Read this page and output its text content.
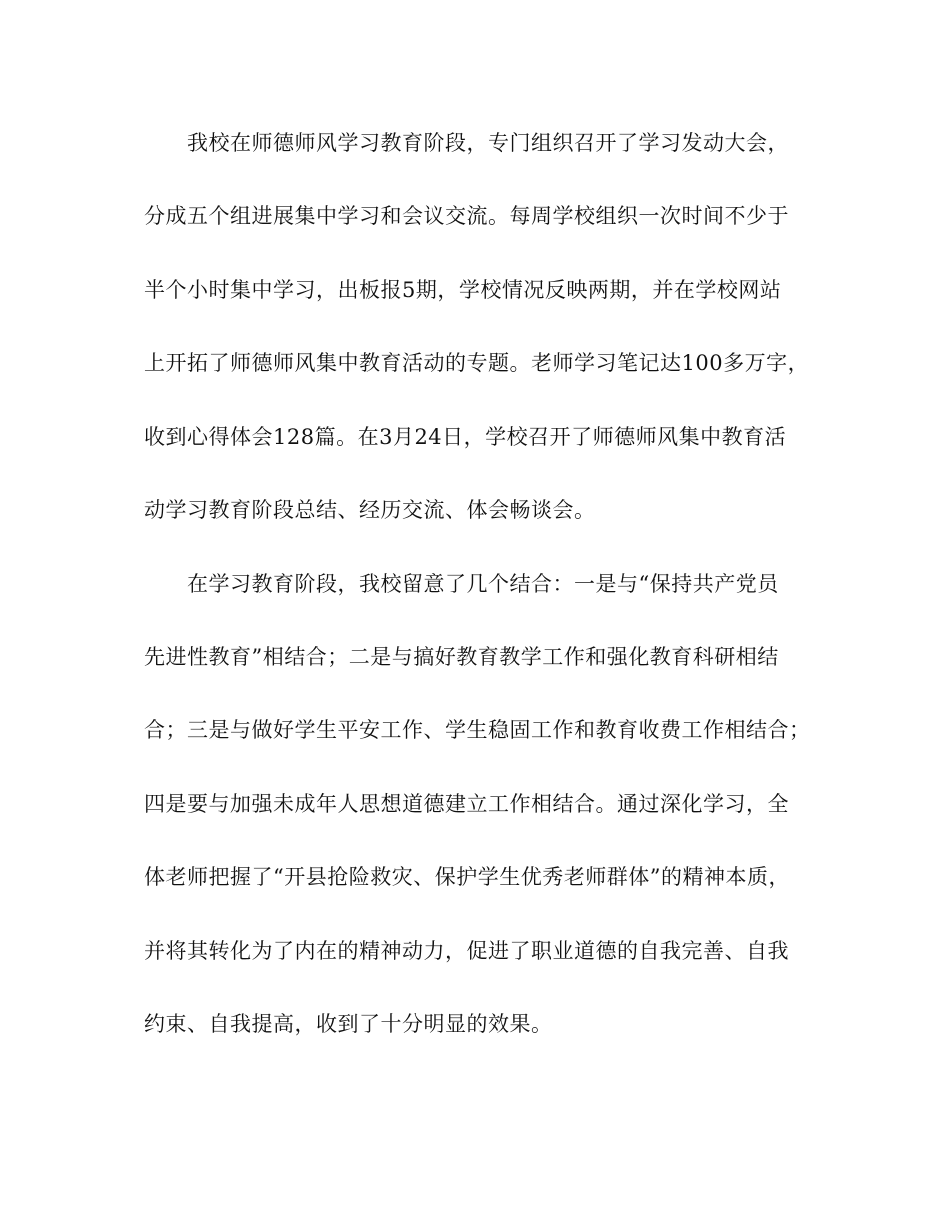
我校在师德师风学习教育阶段，专门组织召开了学习发动大会，
分成五个组进展集中学习和会议交流。每周学校组织一次时间不少于
半个小时集中学习，出板报5期，学校情况反映两期，并在学校网站
上开拓了师德师风集中教育活动的专题。老师学习笔记达100多万字，
收到心得体会128篇。在3月24日，学校召开了师德师风集中教育活
动学习教育阶段总结、经历交流、体会畅谈会。
在学习教育阶段，我校留意了几个结合：一是与“保持共产党员
先进性教育”相结合；二是与搞好教育教学工作和强化教育科研相结
合；三是与做好学生平安工作、学生稳固工作和教育收费工作相结合；
四是要与加强未成年人思想道德建立工作相结合。通过深化学习，全
体老师把握了“开县抢险救灾、保护学生优秀老师群体”的精神本质，
并将其转化为了内在的精神动力，促进了职业道德的自我完善、自我
约束、自我提高，收到了十分明显的效果。
